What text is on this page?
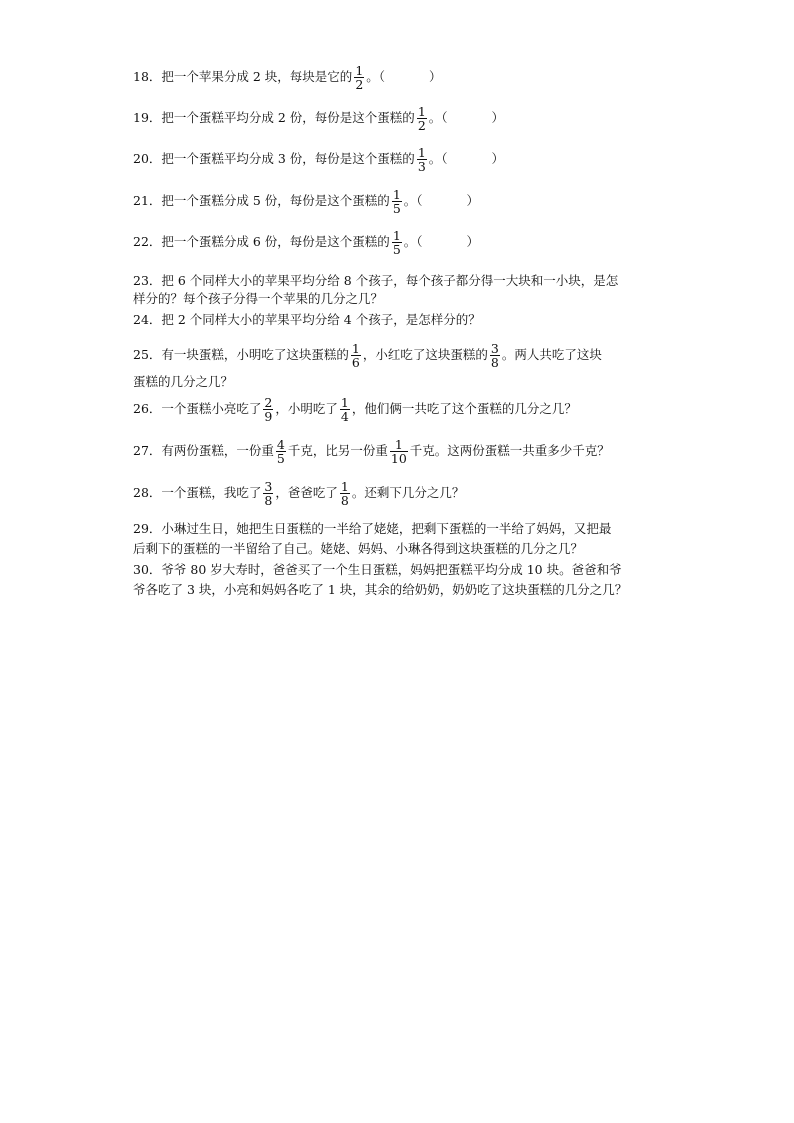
18．把一个苹果分成 2 块，每块是它的 $\frac{1}{2}$ 。（	）
19．把一个蛋糕平均分成 2 份，每份是这个蛋糕的 $\frac{1}{2}$ 。（	）
20．把一个蛋糕平均分成 3 份，每份是这个蛋糕的 $\frac{1}{3}$ 。（	）
21．把一个蛋糕分成 5 份，每份是这个蛋糕的 $\frac{1}{5}$ 。（	）
22．把一个蛋糕分成 6 份，每份是这个蛋糕的 $\frac{1}{5}$ 。（	）
23．把 6 个同样大小的苹果平均分给 8 个孩子，每个孩子都分得一大块和一小块，是怎
样分的？每个孩子分得一个苹果的几分之几？
24．把 2 个同样大小的苹果平均分给 4 个孩子，是怎样分的？
25．有一块蛋糕，小明吃了这块蛋糕的 $\frac{1}{6}$ ，小红吃了这块蛋糕的 $\frac{3}{8}$ 。两人共吃了这块
蛋糕的几分之几？
26．一个蛋糕小亮吃了 $\frac{2}{9}$ ，小明吃了 $\frac{1}{4}$ ，他们俩一共吃了这个蛋糕的几分之几？
27．有两份蛋糕，一份重 $\frac{4}{5}$ 千克，比另一份重 $\frac{1}{10}$ 千克。这两份蛋糕一共重多少千克？
28．一个蛋糕，我吃了 $\frac{3}{8}$ ，爸爸吃了 $\frac{1}{8}$ 。还剩下几分之几？
29．小琳过生日，她把生日蛋糕的一半给了姥姥，把剩下蛋糕的一半给了妈妈，又把最
后剩下的蛋糕的一半留给了自己。姥姥、妈妈、小琳各得到这块蛋糕的几分之几？
30．爷爷 80 岁大寿时，爸爸买了一个生日蛋糕，妈妈把蛋糕平均分成 10 块。爸爸和爷
爷各吃了 3 块，小亮和妈妈各吃了 1 块，其余的给奶奶，奶奶吃了这块蛋糕的几分之几？
